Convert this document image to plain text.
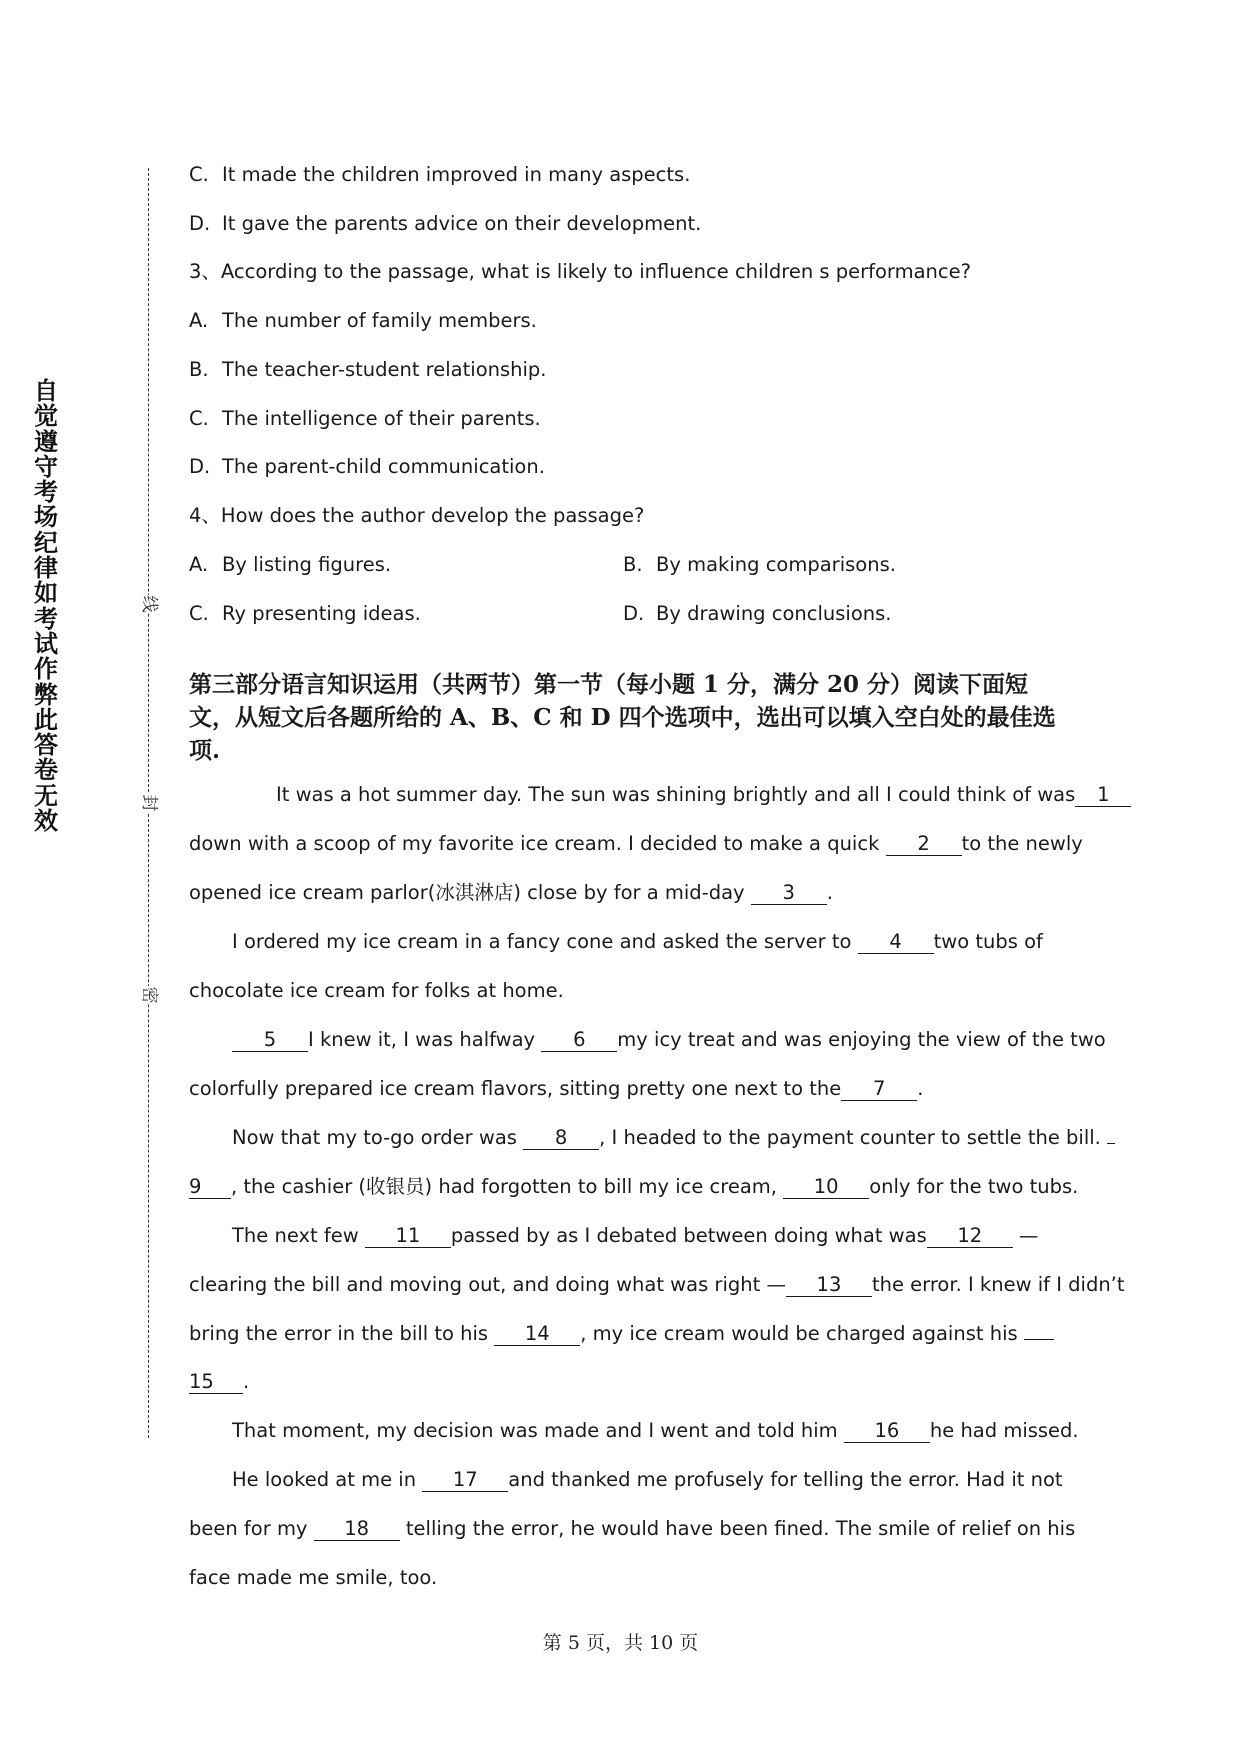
自
觉
遵
守
考
场
纪
律
如
考
试
作
弊
此
答
卷
无
效
线
封
密
C. It made the children improved in many aspects.
D. It gave the parents advice on their development.
3、According to the passage, what is likely to influence children s performance?
A. The number of family members.
B. The teacher-student relationship.
C. The intelligence of their parents.
D. The parent-child communication.
4、How does the author develop the passage?
A. By listing figures.	B. By making comparisons.
C. Ry presenting ideas.	D. By drawing conclusions.
第三部分语言知识运用（共两节）第一节（每小题 1 分，满分 20 分）阅读下面短文，从短文后各题所给的 A、B、C 和 D 四个选项中，选出可以填入空白处的最佳选项.
It was a hot summer day. The sun was shining brightly and all I could think of was 1
down with a scoop of my favorite ice cream. I decided to make a quick 2 to the newly
opened ice cream parlor(冰淇淋店) close by for a mid-day 3 .
I ordered my ice cream in a fancy cone and asked the server to 4 two tubs of
chocolate ice cream for folks at home.
5 I knew it, I was halfway 6 my icy treat and was enjoying the view of the two
colorfully prepared ice cream flavors, sitting pretty one next to the 7 .
Now that my to-go order was 8 , I headed to the payment counter to settle the bill.
9 , the cashier (收银员) had forgotten to bill my ice cream, 10 only for the two tubs.
The next few 11 passed by as I debated between doing what was 12 —
clearing the bill and moving out, and doing what was right — 13 the error. I knew if I didn’t
bring the error in the bill to his 14 , my ice cream would be charged against his
15 .
That moment, my decision was made and I went and told him 16 he had missed.
He looked at me in 17 and thanked me profusely for telling the error. Had it not
been for my 18 telling the error, he would have been fined. The smile of relief on his
face made me smile, too.
第 5 页，共 10 页
